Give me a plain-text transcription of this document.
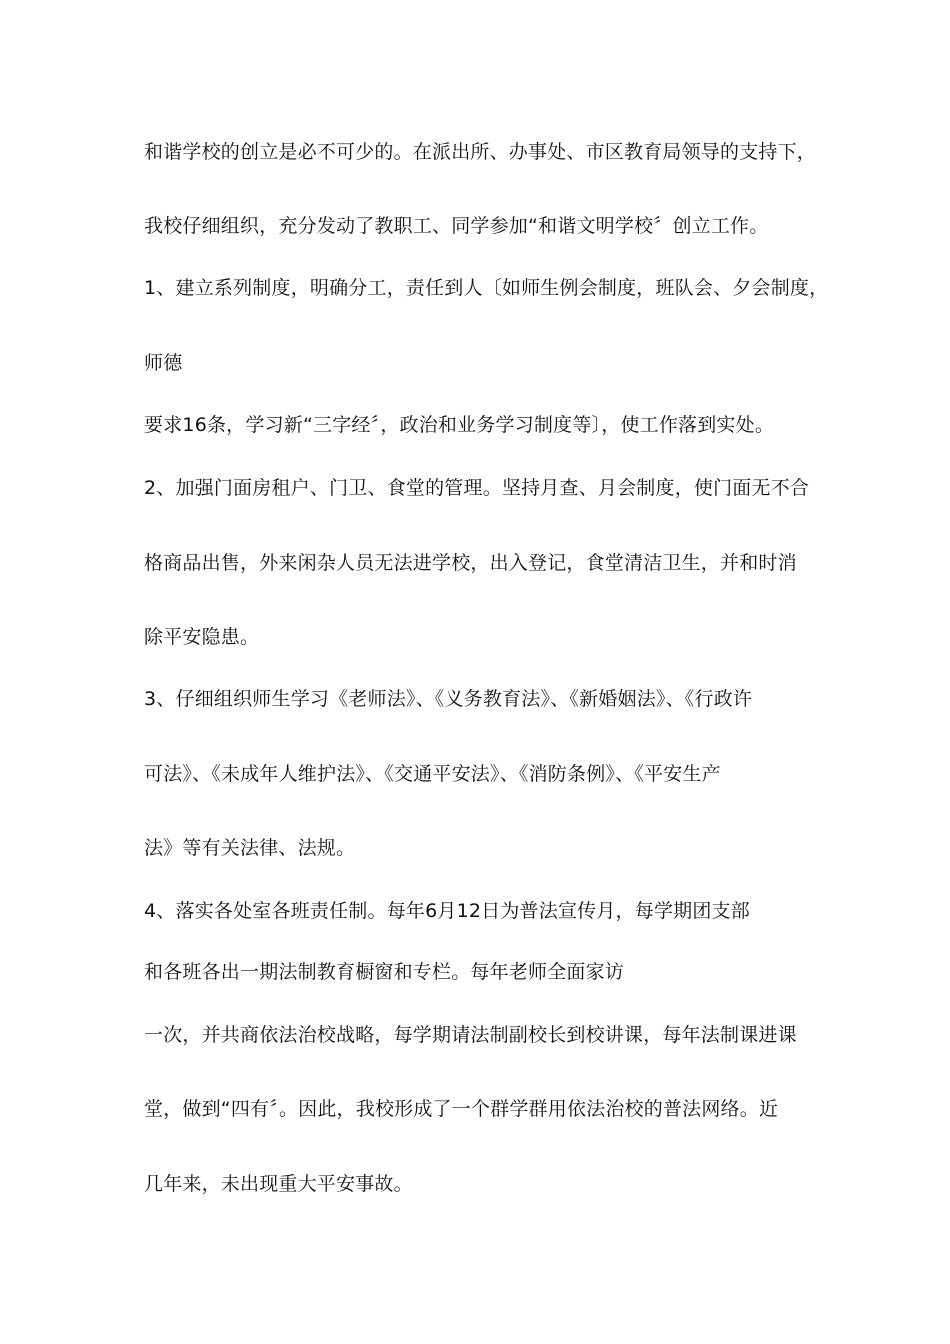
和谐学校的创立是必不可少的。在派出所、办事处、市区教育局领导的支持下，
我校仔细组织，充分发动了教职工、同学参加“和谐文明学校〞创立工作。
1、建立系列制度，明确分工，责任到人〔如师生例会制度，班队会、夕会制度，
师德
要求16条，学习新“三字经〞，政治和业务学习制度等〕，使工作落到实处。
2、加强门面房租户、门卫、食堂的管理。坚持月查、月会制度，使门面无不合
格商品出售，外来闲杂人员无法进学校，出入登记，食堂清洁卫生，并和时消
除平安隐患。
3、仔细组织师生学习《老师法》、《义务教育法》、《新婚姻法》、《行政许
可法》、《未成年人维护法》、《交通平安法》、《消防条例》、《平安生产
法》等有关法律、法规。
4、落实各处室各班责任制。每年6月12日为普法宣传月，每学期团支部
和各班各出一期法制教育橱窗和专栏。每年老师全面家访
一次，并共商依法治校战略，每学期请法制副校长到校讲课，每年法制课进课
堂，做到“四有〞。因此，我校形成了一个群学群用依法治校的普法网络。近
几年来，未出现重大平安事故。
